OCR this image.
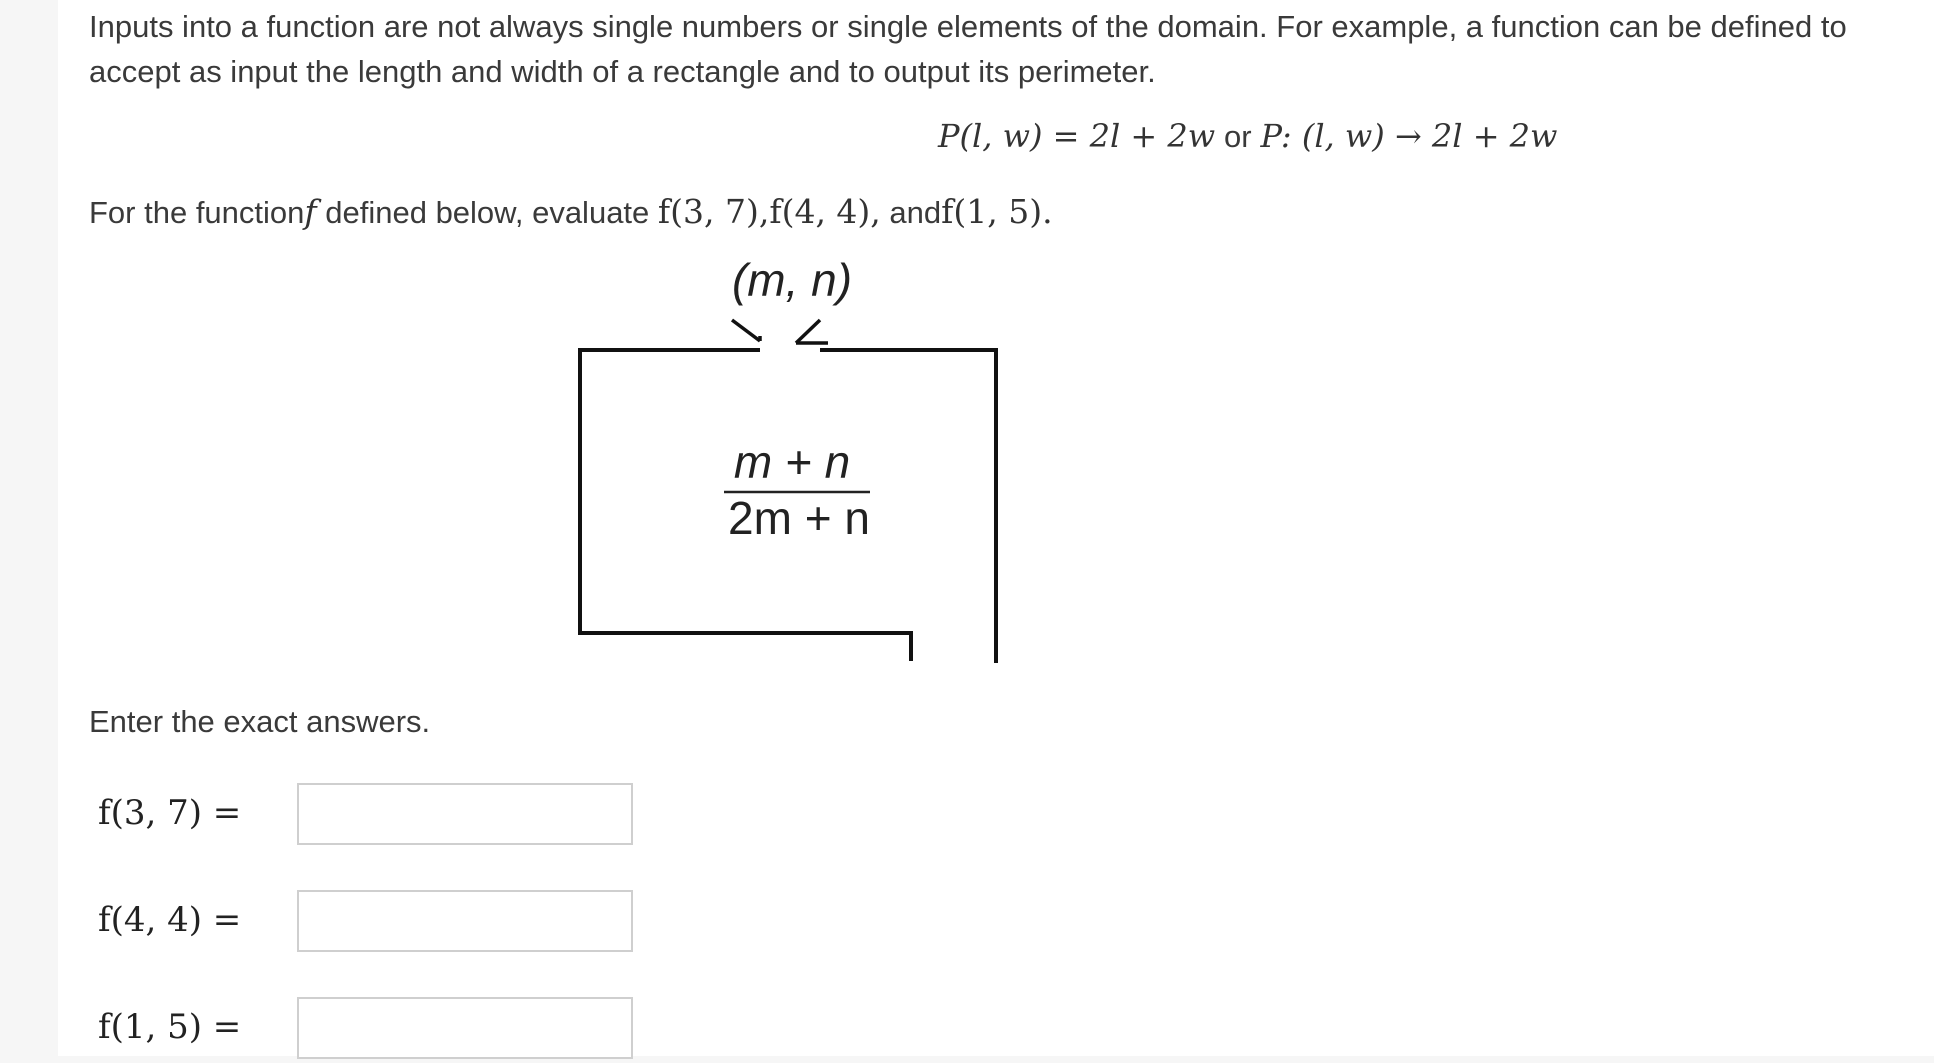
Inputs into a function are not always single numbers or single elements of the domain. For example, a function can be defined to
accept as input the length and width of a rectangle and to output its perimeter.
P(l, w) = 2l + 2w or P: (l, w) → 2l + 2w
For the functionf defined below, evaluate f(3, 7),f(4, 4), andf(1, 5).
(m, n)
m + n
2m + n
Enter the exact answers.
f(3, 7) =
f(4, 4) =
f(1, 5) =
